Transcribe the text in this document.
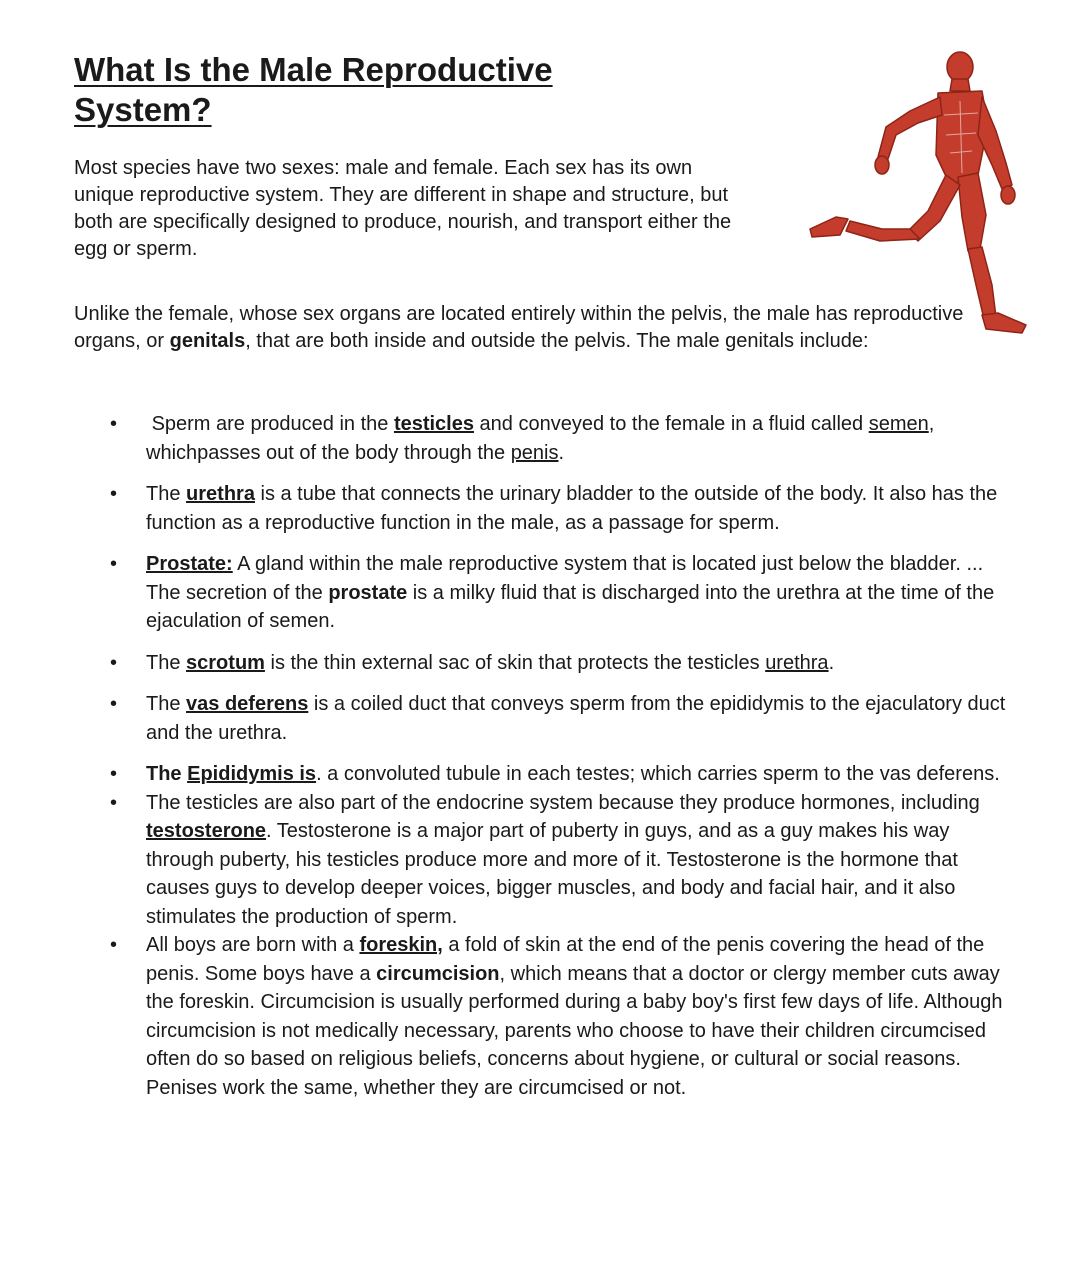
What Is the Male Reproductive System?
Most species have two sexes: male and female. Each sex has its own unique reproductive system. They are different in shape and structure, but both are specifically designed to produce, nourish, and transport either the egg or sperm.
Unlike the female, whose sex organs are located entirely within the pelvis, the male has reproductive organs, or genitals, that are both inside and outside the pelvis. The male genitals include:
• Sperm are produced in the testicles and conveyed to the female in a fluid called semen, whichpasses out of the body through the penis.
• The urethra is a tube that connects the urinary bladder to the outside of the body. It also has the function as a reproductive function in the male, as a passage for sperm.
• Prostate: A gland within the male reproductive system that is located just below the bladder. ... The secretion of the prostate is a milky fluid that is discharged into the urethra at the time of the ejaculation of semen.
• The scrotum is the thin external sac of skin that protects the testicles urethra.
• The vas deferens is a coiled duct that conveys sperm from the epididymis to the ejaculatory duct and the urethra.
• The Epididymis is. a convoluted tubule in each testes; which carries sperm to the vas deferens.
• The testicles are also part of the endocrine system because they produce hormones, including testosterone. Testosterone is a major part of puberty in guys, and as a guy makes his way through puberty, his testicles produce more and more of it. Testosterone is the hormone that causes guys to develop deeper voices, bigger muscles, and body and facial hair, and it also stimulates the production of sperm.
• All boys are born with a foreskin, a fold of skin at the end of the penis covering the head of the penis. Some boys have a circumcision, which means that a doctor or clergy member cuts away the foreskin. Circumcision is usually performed during a baby boy's first few days of life. Although circumcision is not medically necessary, parents who choose to have their children circumcised often do so based on religious beliefs, concerns about hygiene, or cultural or social reasons. Penises work the same, whether they are circumcised or not.
